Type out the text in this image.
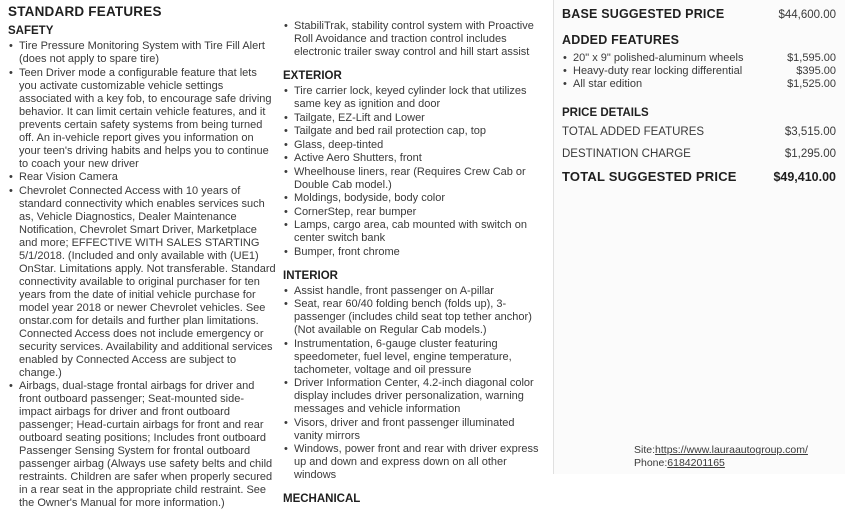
STANDARD FEATURES
SAFETY
• Tire Pressure Monitoring System with Tire Fill Alert (does not apply to spare tire)
• Teen Driver mode a configurable feature that lets you activate customizable vehicle settings associated with a key fob, to encourage safe driving behavior. It can limit certain vehicle features, and it prevents certain safety systems from being turned off. An in-vehicle report gives you information on your teen's driving habits and helps you to continue to coach your new driver
• Rear Vision Camera
• Chevrolet Connected Access with 10 years of standard connectivity which enables services such as, Vehicle Diagnostics, Dealer Maintenance Notification, Chevrolet Smart Driver, Marketplace and more; EFFECTIVE WITH SALES STARTING 5/1/2018. (Included and only available with (UE1) OnStar. Limitations apply. Not transferable. Standard connectivity available to original purchaser for ten years from the date of initial vehicle purchase for model year 2018 or newer Chevrolet vehicles. See onstar.com for details and further plan limitations. Connected Access does not include emergency or security services. Availability and additional services enabled by Connected Access are subject to change.)
• Airbags, dual-stage frontal airbags for driver and front outboard passenger; Seat-mounted side-impact airbags for driver and front outboard passenger; Head-curtain airbags for front and rear outboard seating positions; Includes front outboard Passenger Sensing System for frontal outboard passenger airbag (Always use safety belts and child restraints. Children are safer when properly secured in a rear seat in the appropriate child restraint. See the Owner's Manual for more information.)
• StabiliTrak, stability control system with Proactive Roll Avoidance and traction control includes electronic trailer sway control and hill start assist
EXTERIOR
• Tire carrier lock, keyed cylinder lock that utilizes same key as ignition and door
• Tailgate, EZ-Lift and Lower
• Tailgate and bed rail protection cap, top
• Glass, deep-tinted
• Active Aero Shutters, front
• Wheelhouse liners, rear (Requires Crew Cab or Double Cab model.)
• Moldings, bodyside, body color
• CornerStep, rear bumper
• Lamps, cargo area, cab mounted with switch on center switch bank
• Bumper, front chrome
INTERIOR
• Assist handle, front passenger on A-pillar
• Seat, rear 60/40 folding bench (folds up), 3-passenger (includes child seat top tether anchor) (Not available on Regular Cab models.)
• Instrumentation, 6-gauge cluster featuring speedometer, fuel level, engine temperature, tachometer, voltage and oil pressure
• Driver Information Center, 4.2-inch diagonal color display includes driver personalization, warning messages and vehicle information
• Visors, driver and front passenger illuminated vanity mirrors
• Windows, power front and rear with driver express up and down and express down on all other windows
MECHANICAL
BASE SUGGESTED PRICE	$44,600.00
ADDED FEATURES
• 20" x 9" polished-aluminum wheels	$1,595.00
• Heavy-duty rear locking differential	$395.00
• All star edition	$1,525.00
PRICE DETAILS
TOTAL ADDED FEATURES	$3,515.00
DESTINATION CHARGE	$1,295.00
TOTAL SUGGESTED PRICE	$49,410.00
Site:https://www.lauraautogroup.com/
Phone:6184201165
